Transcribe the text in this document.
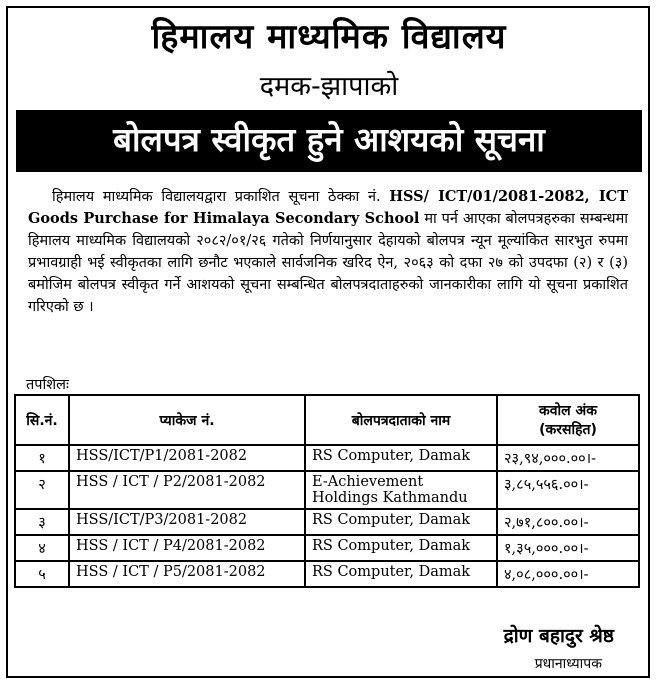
हिमालय माध्यमिक विद्यालय
दमक-झापाको
बोलपत्र स्वीकृत हुने आशयको सूचना
हिमालय माध्यमिक विद्यालयद्वारा प्रकाशित सूचना ठेक्का नं. HSS/ ICT/01/2081-2082, ICT Goods Purchase for Himalaya Secondary School मा पर्न आएका बोलपत्रहरुका सम्बन्धमा हिमालय माध्यमिक विद्यालयको २०८२/०१/२६ गतेको निर्णयानुसार देहायको बोलपत्र न्यून मूल्यांकित सारभुत रुपमा प्रभावग्राही भई स्वीकृतका लागि छनौट भएकाले सार्वजनिक खरिद ऐन, २०६३ को दफा २७ को उपदफा (२) र (३) बमोजिम बोलपत्र स्वीकृत गर्ने आशयको सूचना सम्बन्धित बोलपत्रदाताहरुको जानकारीका लागि यो सूचना प्रकाशित गरिएको छ ।
तपशिलः
सि.नं.	प्याकेज नं.	बोलपत्रदाताको नाम	कवोल अंक
(करसहित)
१	HSS/ICT/P1/2081-2082	RS Computer, Damak	२३,९४,०००.००।-
२	HSS / ICT / P2/2081-2082	E-Achievement Holdings Kathmandu	३,८५,५५६.००।-
३	HSS/ICT/P3/2081-2082	RS Computer, Damak	२,७१,८००.००।-
४	HSS / ICT / P4/2081-2082	RS Computer, Damak	१,३५,०००.००।-
५	HSS / ICT / P5/2081-2082	RS Computer, Damak	४,०८,०००.००।-
द्रोण बहादुर श्रेष्ठ
प्रधानाध्यापक
